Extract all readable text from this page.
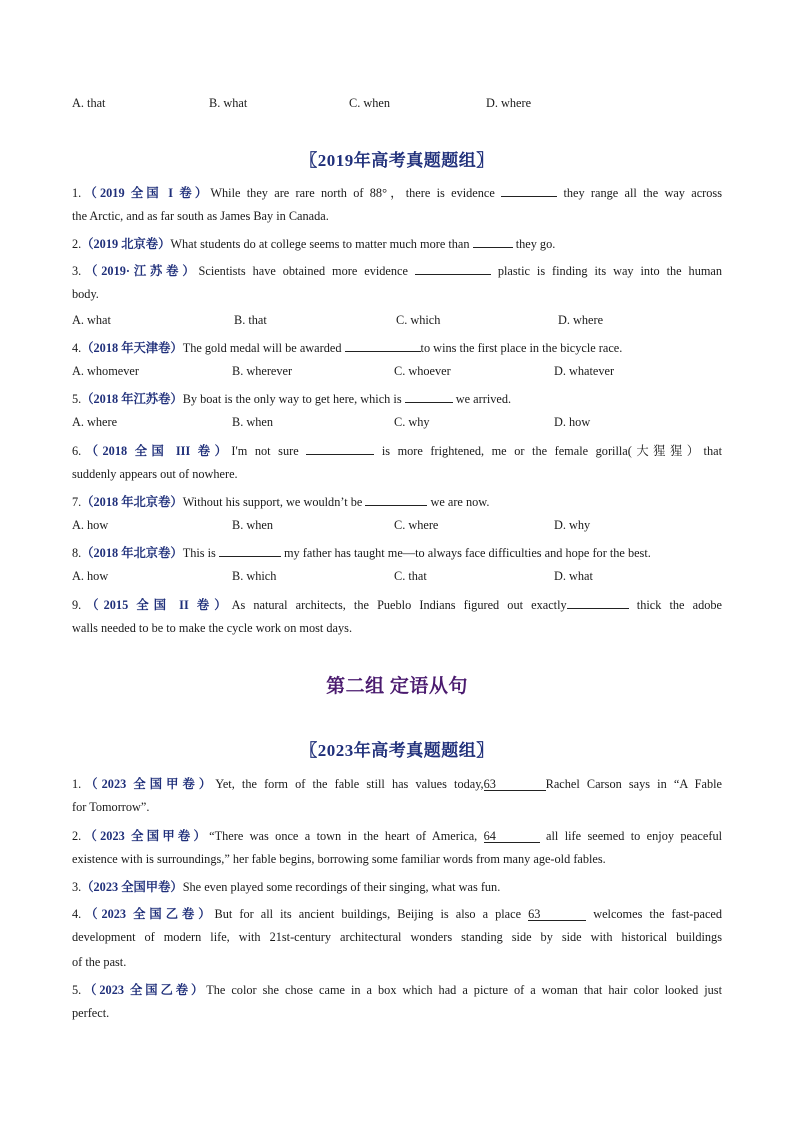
A. that	B. what	C. when	D. where
〖2019年高考真题题组〗
1.（2019 全国 I 卷）While they are rare north of 88°，there is evidence	they range all the way across
the Arctic, and as far south as James Bay in Canada.
2.（2019 北京卷）What students do at college seems to matter much more than	they go.
3.（2019·江苏卷）Scientists have obtained more evidence	plastic is finding its way into the human
body.
A. what	B. that	C. which	D. where
4.（2018 年天津卷）The gold medal will be awarded	to wins the first place in the bicycle race.
A. whomever	B. wherever	C. whoever	D. whatever
5.（2018 年江苏卷）By boat is the only way to get here, which is	we arrived.
A. where	B. when	C. why	D. how
6.（2018 全国 III 卷）I'm not sure	is more frightened, me or the female gorilla(大猩猩）that
suddenly appears out of nowhere.
7.（2018 年北京卷）Without his support, we wouldn’t be	we are now.
A. how	B. when	C. where	D. why
8.（2018 年北京卷）This is	my father has taught me—to always face difficulties and hope for the best.
A. how	B. which	C. that	D. what
9.（2015 全国 II 卷）As natural architects, the Pueblo Indians figured out exactly	thick the adobe
walls needed to be to make the cycle work on most days.
第二组 定语从句
〖2023年高考真题题组〗
1.（2023 全国甲卷）Yet, the form of the fable still has values today,63	Rachel Carson says in “A Fable
for Tomorrow”.
2.（2023 全国甲卷）“There was once a town in the heart of America, 64	all life seemed to enjoy peaceful
existence with is surroundings,” her fable begins, borrowing some familiar words from many age-old fables.
3.（2023 全国甲卷）She even played some recordings of their singing, what was fun.
4.（2023 全国乙卷）But for all its ancient buildings, Beijing is also a place 63	welcomes the fast-paced
development of modern life, with 21st-century architectural wonders standing side by side with historical buildings
of the past.
5.（2023 全国乙卷）The color she chose came in a box which had a picture of a woman that hair color looked just
perfect.
